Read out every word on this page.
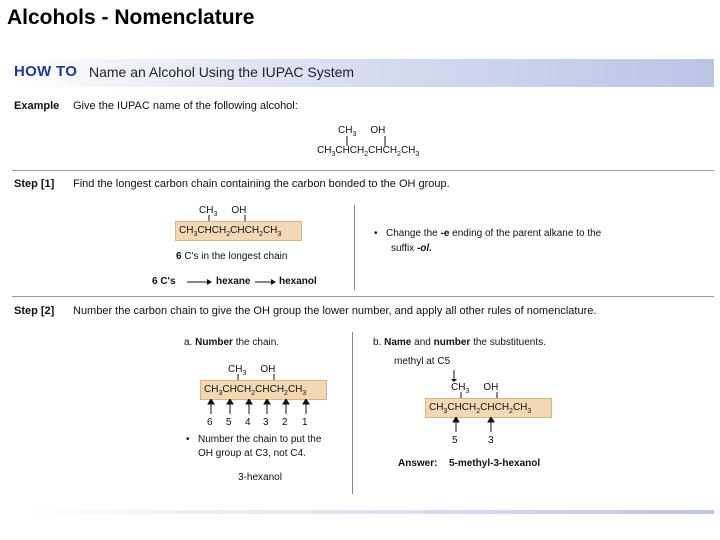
Alcohols - Nomenclature
HOW TO Name an Alcohol Using the IUPAC System
Example Give the IUPAC name of the following alcohol:
$CH_3$ OH
$CH_3CHCH_2CHCH_2CH_3$
Step [1] Find the longest carbon chain containing the carbon bonded to the OH group.
$CH_3$ OH
$CH_3CHCH_2CHCH_2CH_3$
6 C's in the longest chain
6 C's	hexane	hexanol
• Change the -e ending of the parent alkane to the
suffix -ol.
Step [2] Number the carbon chain to give the OH group the lower number, and apply all other rules of nomenclature.
a. Number the chain.
$CH_3$ OH
$CH_3CHCH_2CHCH_2CH_3$
6 5 4 3 2 1
• Number the chain to put the
OH group at C3, not C4.
3-hexanol
b. Name and number the substituents.
methyl at C5
$CH_3$ OH
$CH_3CHCH_2CHCH_2CH_3$
5	3
Answer: 5-methyl-3-hexanol
